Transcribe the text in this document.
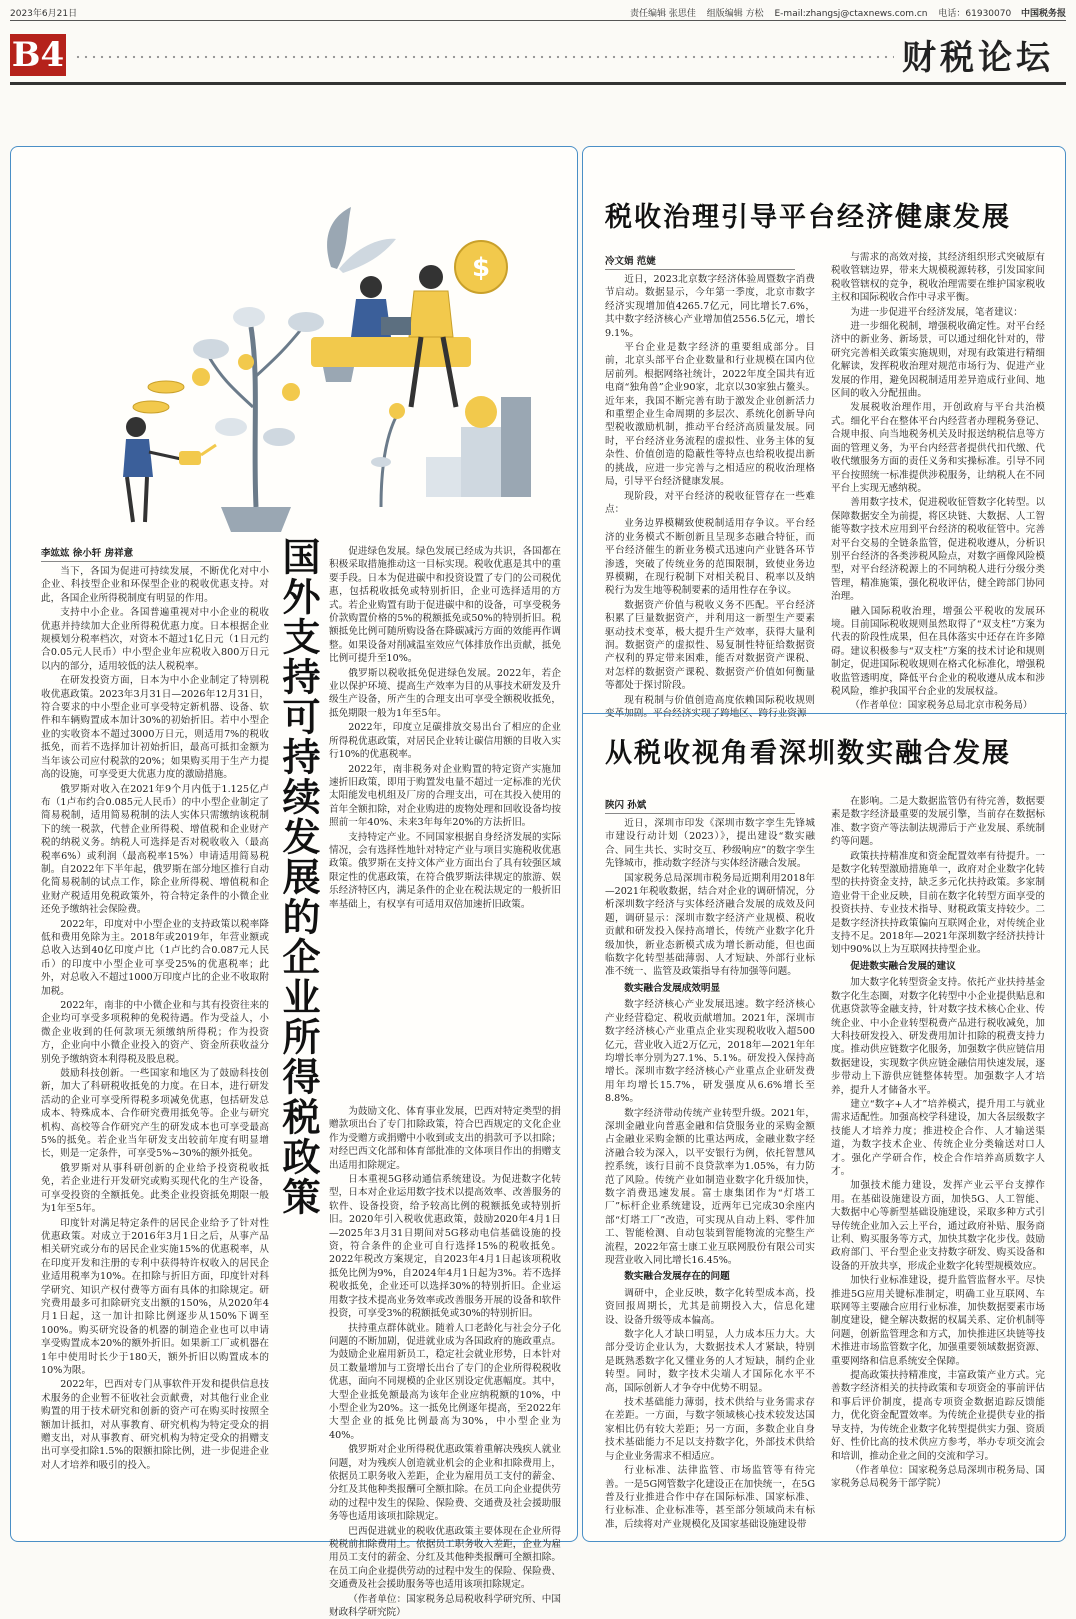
2023年6月21日	责任编辑 张思佳 组版编辑 方松 E-mail:zhangsj@ctaxnews.com.cn 电话：61930070	中国税务报
B4	财税论坛
$
李竑竑 徐小轩 房祥意	国外支持可持续发展的企业所得税政策

当下，各国为促进可持续发展，不断优化对中小企业、科技型企业和环保型企业的税收优惠支持。对此，各国企业所得税制度有明显的作用。

支持中小企业。各国普遍重视对中小企业的税收优惠并持续加大企业所得税优惠力度。日本根据企业规模划分税率档次，对资本不超过1亿日元（1日元约合0.05元人民币）中小型企业年应税收入800万日元以内的部分，适用较低的法人税税率。

在研发投资方面，日本为中小企业制定了特别税收优惠政策。2023年3月31日—2026年12月31日，符合要求的中小型企业可享受特定新机器、设备、软件和车辆购置成本加计30%的初始折旧。若中小型企业的实收资本不超过3000万日元，则适用7%的税收抵免，而若不选择加计初始折旧，最高可抵扣金额为当年该公司应付税款的20%；如果购买用于生产力提高的设施，可享受更大优惠力度的激励措施。

俄罗斯对收入在2021年9个月内低于1.125亿卢布（1卢布约合0.085元人民币）的中小型企业制定了简易税制，适用简易税制的法人实体只需缴纳该税制下的统一税款，代替企业所得税、增值税和企业财产税的纳税义务。纳税人可选择是否对税收收入（最高税率6%）或利润（最高税率15%）申请适用简易税制。自2022年下半年起，俄罗斯在部分地区推行自动化简易税制的试点工作，除企业所得税、增值税和企业财产税适用免税政策外，符合特定条件的小微企业还免予缴纳社会保险费。

2022年，印度对中小型企业的支持政策以税率降低和费用免除为主。2018年或2019年，年营业额或总收入达到40亿印度卢比（1卢比约合0.087元人民币）的印度中小型企业可享受25%的优惠税率；此外，对总收入不超过1000万印度卢比的企业不收取附加税。

2022年，南非的中小微企业和与其有投资往来的企业均可享受多项税种的免税待遇。作为受益人，小微企业收到的任何款项无须缴纳所得税；作为投资方，企业向中小微企业投入的资产、资金所获收益分别免予缴纳资本利得税及股息税。

鼓励科技创新。一些国家和地区为了鼓励科技创新，加大了科研税收抵免的力度。在日本，进行研发活动的企业可享受所得税多项减免优惠，包括研发总成本、特殊成本、合作研究费用抵免等。企业与研究机构、高校等合作研究产生的研发成本也可享受最高5%的抵免。若企业当年研发支出较前年度有明显增长，则是一定条件，可享受5%~30%的额外抵免。

俄罗斯对从事科研创新的企业给予投资税收抵免，若企业进行开发研究或购买现代化的生产设备，可享受投资的全额抵免。此类企业投资抵免期限一般为1年至5年。

印度针对满足特定条件的居民企业给予了针对性优惠政策。对成立于2016年3月1日之后，从事产品相关研究或分布的居民企业实施15%的优惠税率，从在印度开发和注册的专利中获得特许权收入的居民企业适用税率为10%。在扣除与折旧方面，印度针对科学研究、知识产权付费等方面有具体的扣除规定。研究费用最多可扣除研究支出额的150%，从2020年4月1日起，这一加计扣除比例逐步从150%下调至100%。购买研究设备的机器的制造企业也可以申请享受购置成本20%的额外折旧。如果新工厂或机器在1年中使用时长少于180天，额外折旧以购置成本的10%为限。

2022年，巴西对专门从事软件开发和提供信息技术服务的企业暂不征收社会贡献费，对其他行业企业购置的用于技术研究和创新的资产可在购买时按照全额加计抵扣，对从事教育、研究机构为特定受众的捐赠支出，对从事教育、研究机构为特定受众的捐赠支出可享受扣除1.5%的限额扣除比例，进一步促进企业对人才培养和吸引的投入。

促进绿色发展。绿色发展已经成为共识，各国都在积极采取措施推动这一目标实现。税收优惠是其中的重要手段。日本为促进碳中和投资设置了专门的公司税优惠，包括税收抵免或特别折旧，企业可选择适用的方式。若企业购置有助于促进碳中和的设备，可享受税务价款购置价格的5%的税额抵免或50%的特别折旧。税额抵免比例可随所购设备在降碳减污方面的效能再作调整。如果设备对削减温室效应气体排放作出贡献，抵免比例可提升至10%。

俄罗斯以税收抵免促进绿色发展。2022年，若企业以保护环境、提高生产效率为目的从事技术研发及升级生产设备，所产生的合理支出可享受全额税收抵免，抵免期限一般为1年至5年。

2022年，印度立足碳排放交易出台了相应的企业所得税优惠政策，对居民企业转让碳信用额的目收入实行10%的优惠税率。

2022年，南非税务对企业购置的特定资产实施加速折旧政策，即用于购置发电量不超过一定标准的光伏太阳能发电机组及厂房的合理支出，可在其投入使用的首年全额扣除，对企业购进的废物处理和回收设备均按照前一年40%、未来3年每年20%的方法折旧。

支持特定产业。不同国家根据自身经济发展的实际情况，会有选择性地针对特定产业与项目实施税收优惠政策。俄罗斯在支持文体产业方面出台了具有较强区域限定性的优惠政策，在符合俄罗斯法律规定的旅游、娱乐经济特区内，满足条件的企业在税法规定的一般折旧率基础上，有权享有可适用双倍加速折旧政策。

为鼓励文化、体育事业发展，巴西对特定类型的捐赠款项出台了专门扣除政策，符合巴西规定的文化企业作为受赠方或捐赠中小收到或支出的捐款可予以扣除；对经巴西文化部和体育部批准的文体项目作出的捐赠支出适用扣除规定。

日本重视5G移动通信系统建设。为促进数字化转型，日本对企业运用数字技术以提高效率、改善服务的软件、设备投资，给予较高比例的税额抵免或特别折旧。2020年引入税收优惠政策，鼓励2020年4月1日—2025年3月31日期间对5G移动电信基础设施的投资，符合条件的企业可自行选择15%的税收抵免。2022年税改方案规定，自2023年4月1日起该项税收抵免比例为9%，自2024年4月1日起为3%。若不选择税收抵免，企业还可以选择30%的特别折旧。企业运用数字技术提高业务效率或改善服务开展的设备和软件投资，可享受3%的税额抵免或30%的特别折旧。

扶持重点群体就业。随着人口老龄化与社会分子化问题的不断加剧，促进就业成为各国政府的施政重点。为鼓励企业雇用新员工，稳定社会就业形势，日本针对员工数量增加与工资增长出台了专门的企业所得税税收优惠，面向不同规模的企业区别设定优惠幅度。其中，大型企业抵免额最高为该年企业应纳税额的10%，中小型企业为20%。这一抵免比例逐年提高，至2022年大型企业的抵免比例最高为30%，中小型企业为40%。

俄罗斯对企业所得税优惠政策着重解决残疾人就业问题，对为残疾人创造就业机会的企业和扣除费用上，依据员工职务收入差距，企业为雇用员工支付的薪金、分红及其他种类报酬可全额扣除。在员工向企业提供劳动的过程中发生的保险、保险费、交通费及社会援助服务等也适用该项扣除规定。

巴西促进就业的税收优惠政策主要体现在企业所得税税前扣除费用上。依据员工职务收入差距，企业为雇用员工支付的薪金、分红及其他种类报酬可全额扣除。在员工向企业提供劳动的过程中发生的保险、保险费、交通费及社会援助服务等也适用该项扣除规定。

（作者单位：国家税务总局税收科学研究所、中国财政科学研究院）

税收治理引导平台经济健康发展
冷文娟 范婕

近日，2023北京数字经济体验周暨数字消费节启动。数据显示，今年第一季度，北京市数字经济实现增加值4265.7亿元，同比增长7.6%，其中数字经济核心产业增加值2556.5亿元，增长9.1%。

平台企业是数字经济的重要组成部分。目前，北京头部平台企业数量和行业规模在国内位居前列。根据网络社统计，2022年度全国共有近电商“独角兽”企业90家，北京以30家独占鳌头。近年来，我国不断完善有助于激发企业创新活力和重塑企业生命周期的多层次、系统化创新导向型税收激励机制，推动平台经济高质量发展。同时，平台经济业务流程的虚拟性、业务主体的复杂性、价值创造的隐蔽性等特点也给税收提出新的挑战，应进一步完善与之相适应的税收治理格局，引导平台经济健康发展。

现阶段，对平台经济的税收征管存在一些难点：

业务边界模糊致使税制适用存争议。平台经济的业务模式不断创新且呈现多态融合特征，而平台经济催生的新业务模式迅速向产业链各环节渗透，突破了传统业务的范围限制，致使业务边界模糊，在现行税制下对相关税目、税率以及纳税行为发生地等税制要素的适用性存在争议。

数据资产价值与税收义务不匹配。平台经济积累了巨量数据资产，并利用这一新型生产要素驱动技术变革，极大提升生产效率，获得大量利润。数据资产的虚拟性、易复制性特征给数据资产权利的界定带来困难，能否对数据资产课税、对怎样的数据资产课税、数据资产价值如何衡量等都处于探讨阶段。

现有税制与价值创造高度依赖国际税收规则

与需求的高效对接，其经济组织形式突破原有税收管辖边界，带来大规模税源转移，引发国家间税收管辖权的竞争，税收治理需要在维护国家税收主权和国际税收合作中寻求平衡。

为进一步促进平台经济发展，笔者建议：

进一步细化税制，增强税收确定性。对平台经济中的新业务、新场景，可以通过细化针对的，带研究完善相关政策实施规则，对现有政策进行精细化解读，发挥税收治理对规范市场行为、促进产业发展的作用，避免因税制适用差异造成行业间、地区间的收入分配扭曲。

发展税收治理作用，开创政府与平台共治模式。细化平台在整体平台内经营者办理税务登记、合规申报、向当地税务机关及时报送纳税信息等方面的管理义务，为平台内经营者提供代扣代缴、代收代缴服务方面的责任义务和实操标准。引导不同平台按照统一标准提供涉税服务，让纳税人在不同平台上实现无感纳税。

善用数字技术，促进税收征管数字化转型。以保障数据安全为前提，将区块链、大数据、人工智能等数字技术应用到平台经济的税收征管中。完善对平台交易的全链条监管，促进税收遵从，分析识别平台经济的各类涉税风险点，对数字画像风险模型，对平台经济税源上的不同纳税人进行分级分类管理，精准施策，强化税收评估，健全跨部门协同治理。

融入国际税收治理，增强公平税收的发展环境。目前国际税收规则虽然取得了“双支柱”方案为代表的阶段性成果，但在具体落实中还存在许多障碍。建议积极参与“双支柱”方案的技术讨论和规则制定，促进国际税收规则在格式化标准化，增强税收监管透明度，降低平台企业的税收遵从成本和涉税风险，维护我国平台企业的发展权益。

（作者单位：国家税务总局北京市税务局）

从税收视角看深圳数实融合发展
陕闪 孙斌

近日，深圳市印发《深圳市数字孪生先锋城市建设行动计划（2023）》，提出建设“数实融合、同生共长、实时交互、秒级响应”的数字孪生先锋城市，推动数字经济与实体经济融合发展。

国家税务总局深圳市税务局近期利用2018年—2021年税收数据，结合对企业的调研情况，分析深圳数字经济与实体经济融合发展的成效及问题，调研显示：深圳市数字经济产业规模、税收贡献和研发投入保持高增长，传统产业数字化升级加快，新业态新模式成为增长新动能，但也面临数字化转型基础薄弱、人才短缺、外部行业标准不统一、监管及政策指导有待加强等问题。

数实融合发展成效明显

数字经济核心产业发展迅速。数字经济核心产业经营稳定、税收贡献增加。2021年，深圳市数字经济核心产业重点企业实现税收收入超500亿元，营业收入近2万亿元，2018年—2021年年均增长率分别为27.1%、5.1%。研发投入保持高增长。深圳市数字经济核心产业重点企业研发费用年均增长15.7%，研发强度从6.6%增长至8.8%。

数字经济带动传统产业转型升级。2021年，深圳金融业向普惠金融和信贷服务业的采购金额占金融业采购金额的比重达两成，金融业数字经济融合较为深入，以平安银行为例，依托智慧风控系统，该行目前不良贷款率为1.05%，有力防范了风险。传统产业如制造业数字化升级加快，数字消费迅速发展。富士康集团作为“灯塔工厂”标杆企业系统建设，近两年已完成30余座内部“灯塔工厂”改造，可实现从自动上料、零件加工、智能检测、自动包装到智能物流的完整生产流程，2022年富士康工业互联网股份有限公司实现营业收入同比增长16.45%。

数实融合发展存在的问题

调研中，企业反映，数字化转型成本高，投资回报周期长，尤其是前期投入大，信息化建设、设备升级等成本偏高。

数字化人才缺口明显，人力成本压力大。大部分受访企业认为，大数据技术人才紧缺，特别是既熟悉数字化又懂业务的人才短缺，制约企业转型。同时，数字技术尖端人才国际化水平不高，国际创新人才争夺中优势不明显。

技术基础能力薄弱，技术供给与业务需求存在差距。一方面，与数字领域核心技术较发达国家相比仍有较大差距；另一方面，多数企业自身技术基础能力不足以支持数字化，外部技术供给与企业业务需求不相适应。

行业标准、法律监管、市场监管等有待完善。一是5G网管数字化建设正在加快统一，在5G普及行业推进合作中存在国际标准、国家标准、行业标准、企业标准等，甚至部分领域尚未有标准，后续将对产业规模化及国家基础设施建设带

在影响。二是大数据监管仍有待完善，数据要素是数字经济最重要的发展引擎，当前存在数据标准、数字资产等法制法规滞后于产业发展、系统制约等问题。

政策扶持精准度和资金配置效率有待提升。一是数字化转型激励措施单一，政府对企业数字化转型的扶持资金支持，缺乏多元化扶持政策。多家制造业骨干企业反映，目前在数字化转型方面享受的投资扶持、专业技术指导、财税政策支持较少。二是数字经济扶持政策偏向互联网企业，对传统企业支持不足。2018年—2021年深圳数字经济扶持计划中90%以上为互联网扶持型企业。

促进数实融合发展的建议

加大数字化转型资金支持。依托产业扶持基金数字化生态圈，对数字化转型中小企业提供贴息和优惠贷款等金融支持，针对数字技术核心企业、传统企业、中小企业转型税费产品进行税收减免，加大科技研发投入、研发费用加计扣除的税费支持力度。推动供应链数字化服务，加强数字供应链信用数据建设，实现数字供应链金融信用快速发展，逐步带动上下游供应链整体转型。加强数字人才培养，提升人才储备水平。

建立“数字+人才”培养模式，提升用工与就业需求适配性。加强高校学科建设，加大各层级数字技能人才培养力度；推进校企合作、人才输送渠道，为数字技术企业、传统企业分类输送对口人才。强化产学研合作，校企合作培养高质数字人才。

加强技术能力建设，发挥产业云平台支撑作用。在基础设施建设方面，加快5G、人工智能、大数据中心等新型基础设施建设，采取多种方式引导传统企业加入云上平台，通过政府补贴、服务商让利、购买服务等方式，加快其数字化步伐。鼓励政府部门、平台型企业支持数字研发、购买设备和设备的开放共享，形成企业数字化转型规模效应。

加快行业标准建设，提升监管监督水平。尽快推进5G应用关键标准制定，明确工业互联网、车联网等主要融合应用行业标准，加快数据要素市场制度建设，健全解决数据的权属关系、定价机制等问题，创新监管理念和方式，加快推进区块链等技术推进市场监管数字化，加强重要领域数据资源、重要网络和信息系统安全保障。

提高政策扶持精准度，丰富政策产业方式。完善数字经济相关的扶持政策和专项资金的事前评估和事后评价制度，提高专项资金数据追踪反馈能力，优化资金配置效率。为传统企业提供专业的指导支持，为传统企业数字化转型提供实力强、资质好、性价比高的技术供应方参考，举办专项交流会和培训，推动企业之间的交流和学习。

（作者单位：国家税务总局深圳市税务局、国家税务总局税务干部学院）
